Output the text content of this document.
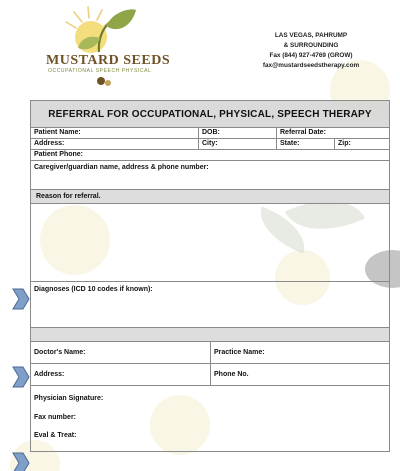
MUSTARD SEEDS
OCCUPATIONAL SPEECH PHYSICAL
LAS VEGAS, PAHRUMP
& SURROUNDING
Fax (844) 927-4769 (GROW)
fax@mustardseedstherapy.com
REFERRAL FOR OCCUPATIONAL, PHYSICAL, SPEECH THERAPY
Patient Name:	DOB:	Referral Date:
Address:	City:	State:	Zip:
Patient Phone:
Caregiver/guardian name, address & phone number:
Reason for referral.
Diagnoses (ICD 10 codes if known):
Doctor's Name:	Practice Name:
Address:	Phone No.
Physician Signature:
Fax number:
Eval & Treat:
